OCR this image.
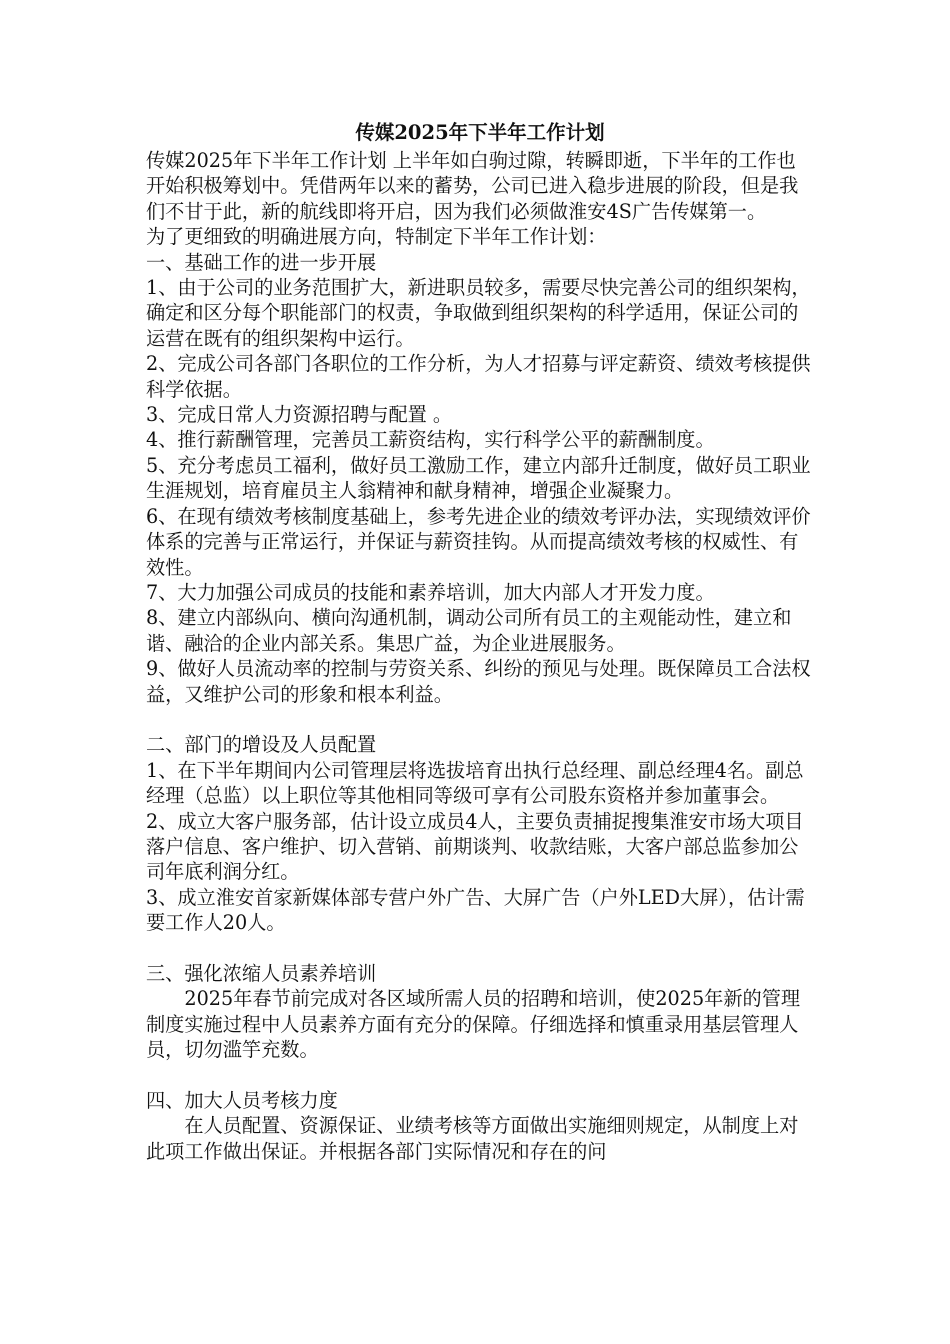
传媒2025年下半年工作计划

传媒2025年下半年工作计划 上半年如白驹过隙，转瞬即逝，下半年的工作也开始积极筹划中。凭借两年以来的蓄势，公司已进入稳步进展的阶段，但是我们不甘于此，新的航线即将开启，因为我们必须做淮安4S广告传媒第一。

为了更细致的明确进展方向，特制定下半年工作计划：

一、基础工作的进一步开展

1、由于公司的业务范围扩大，新进职员较多，需要尽快完善公司的组织架构，确定和区分每个职能部门的权责，争取做到组织架构的科学适用，保证公司的运营在既有的组织架构中运行。

2、完成公司各部门各职位的工作分析，为人才招募与评定薪资、绩效考核提供科学依据。

3、完成日常人力资源招聘与配置 。

4、推行薪酬管理，完善员工薪资结构，实行科学公平的薪酬制度。

5、充分考虑员工福利，做好员工激励工作，建立内部升迁制度，做好员工职业生涯规划，培育雇员主人翁精神和献身精神，增强企业凝聚力。

6、在现有绩效考核制度基础上，参考先进企业的绩效考评办法，实现绩效评价体系的完善与正常运行，并保证与薪资挂钩。从而提高绩效考核的权威性、有效性。

7、大力加强公司成员的技能和素养培训，加大内部人才开发力度。

8、建立内部纵向、横向沟通机制，调动公司所有员工的主观能动性，建立和谐、融洽的企业内部关系。集思广益，为企业进展服务。

9、做好人员流动率的控制与劳资关系、纠纷的预见与处理。既保障员工合法权益，又维护公司的形象和根本利益。

二、部门的增设及人员配置

1、在下半年期间内公司管理层将选拔培育出执行总经理、副总经理4名。副总经理（总监）以上职位等其他相同等级可享有公司股东资格并参加董事会。

2、成立大客户服务部，估计设立成员4人，主要负责捕捉搜集淮安市场大项目落户信息、客户维护、切入营销、前期谈判、收款结账，大客户部总监参加公司年底利润分红。

3、成立淮安首家新媒体部专营户外广告、大屏广告（户外LED大屏），估计需要工作人20人。

三、强化浓缩人员素养培训

2025年春节前完成对各区域所需人员的招聘和培训，使2025年新的管理制度实施过程中人员素养方面有充分的保障。仔细选择和慎重录用基层管理人员，切勿滥竽充数。

四、加大人员考核力度

在人员配置、资源保证、业绩考核等方面做出实施细则规定，从制度上对此项工作做出保证。并根据各部门实际情况和存在的问
